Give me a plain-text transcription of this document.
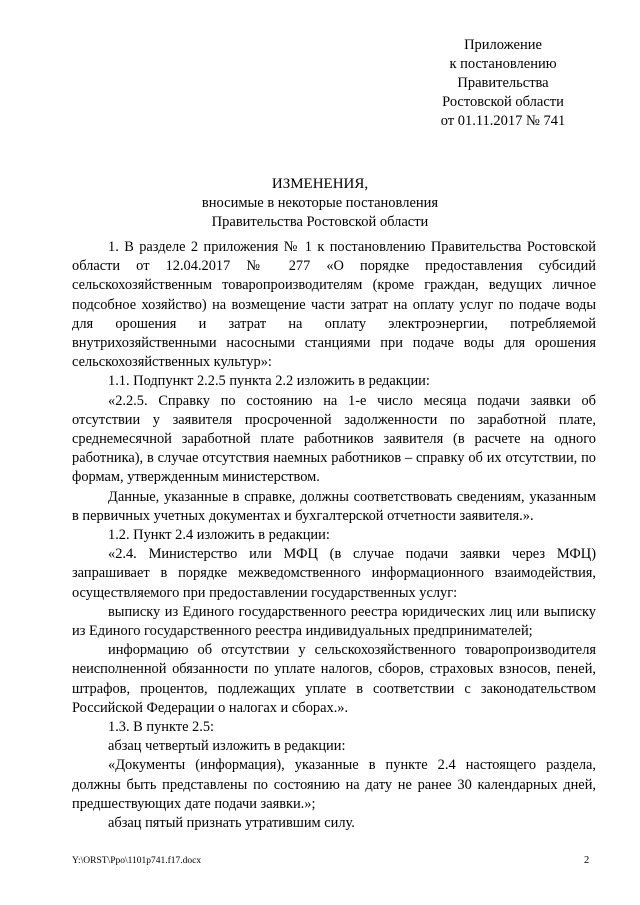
Приложение
к постановлению
Правительства
Ростовской области
от 01.11.2017 № 741
ИЗМЕНЕНИЯ,
вносимые в некоторые постановления
Правительства Ростовской области

1. В разделе 2 приложения № 1 к постановлению Правительства Ростовской области от 12.04.2017 № 277 «О порядке предоставления субсидий сельскохозяйственным товаропроизводителям (кроме граждан, ведущих личное подсобное хозяйство) на возмещение части затрат на оплату услуг по подаче воды для орошения и затрат на оплату электроэнергии, потребляемой внутрихозяйственными насосными станциями при подаче воды для орошения сельскохозяйственных культур»:

1.1. Подпункт 2.2.5 пункта 2.2 изложить в редакции:

«2.2.5. Справку по состоянию на 1-е число месяца подачи заявки об отсутствии у заявителя просроченной задолженности по заработной плате, среднемесячной заработной плате работников заявителя (в расчете на одного работника), в случае отсутствия наемных работников – справку об их отсутствии, по формам, утвержденным министерством.

Данные, указанные в справке, должны соответствовать сведениям, указанным в первичных учетных документах и бухгалтерской отчетности заявителя.».

1.2. Пункт 2.4 изложить в редакции:

«2.4. Министерство или МФЦ (в случае подачи заявки через МФЦ) запрашивает в порядке межведомственного информационного взаимодействия, осуществляемого при предоставлении государственных услуг:

выписку из Единого государственного реестра юридических лиц или выписку из Единого государственного реестра индивидуальных предпринимателей;

информацию об отсутствии у сельскохозяйственного товаропроизводителя неисполненной обязанности по уплате налогов, сборов, страховых взносов, пеней, штрафов, процентов, подлежащих уплате в соответствии с законодательством Российской Федерации о налогах и сборах.».

1.3. В пункте 2.5:

абзац четвертый изложить в редакции:

«Документы (информация), указанные в пункте 2.4 настоящего раздела, должны быть представлены по состоянию на дату не ранее 30 календарных дней, предшествующих дате подачи заявки.»;

абзац пятый признать утратившим силу.

Y:\ORST\Ppo\1101p741.f17.docx	2
